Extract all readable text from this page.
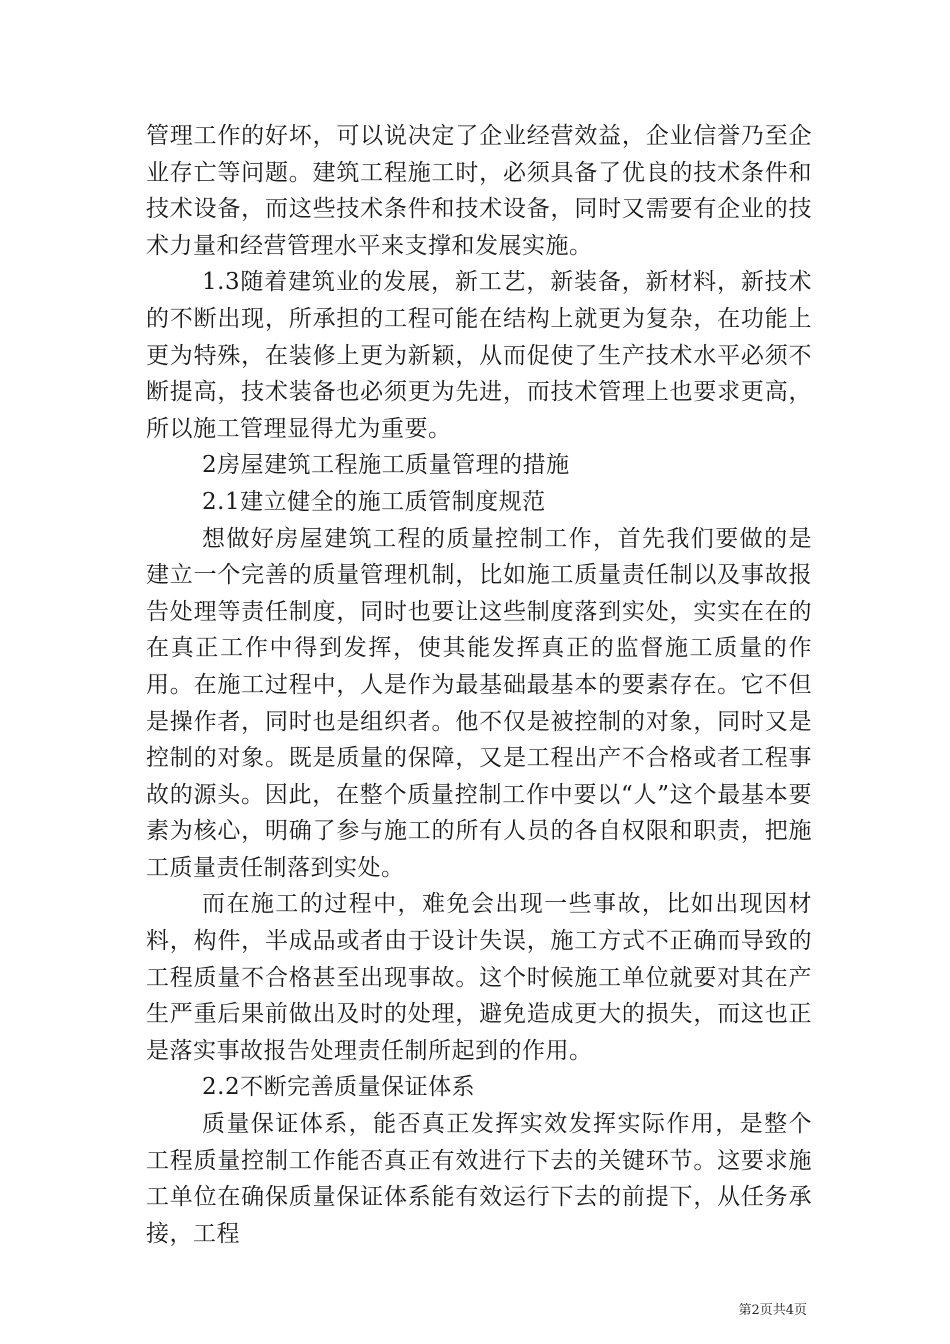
管理工作的好坏，可以说决定了企业经营效益，企业信誉乃至企业存亡等问题。建筑工程施工时，必须具备了优良的技术条件和技术设备，而这些技术条件和技术设备，同时又需要有企业的技术力量和经营管理水平来支撑和发展实施。

1.3随着建筑业的发展，新工艺，新装备，新材料，新技术的不断出现，所承担的工程可能在结构上就更为复杂，在功能上更为特殊，在装修上更为新颖，从而促使了生产技术水平必须不断提高，技术装备也必须更为先进，而技术管理上也要求更高，所以施工管理显得尤为重要。

2房屋建筑工程施工质量管理的措施

2.1建立健全的施工质管制度规范

想做好房屋建筑工程的质量控制工作，首先我们要做的是建立一个完善的质量管理机制，比如施工质量责任制以及事故报告处理等责任制度，同时也要让这些制度落到实处，实实在在的在真正工作中得到发挥，使其能发挥真正的监督施工质量的作用。在施工过程中，人是作为最基础最基本的要素存在。它不但是操作者，同时也是组织者。他不仅是被控制的对象，同时又是控制的对象。既是质量的保障，又是工程出产不合格或者工程事故的源头。因此，在整个质量控制工作中要以“人”这个最基本要素为核心，明确了参与施工的所有人员的各自权限和职责，把施工质量责任制落到实处。

而在施工的过程中，难免会出现一些事故，比如出现因材料，构件，半成品或者由于设计失误，施工方式不正确而导致的工程质量不合格甚至出现事故。这个时候施工单位就要对其在产生严重后果前做出及时的处理，避免造成更大的损失，而这也正是落实事故报告处理责任制所起到的作用。

2.2不断完善质量保证体系

质量保证体系，能否真正发挥实效发挥实际作用，是整个工程质量控制工作能否真正有效进行下去的关键环节。这要求施工单位在确保质量保证体系能有效运行下去的前提下，从任务承接，工程

第2页共4页
